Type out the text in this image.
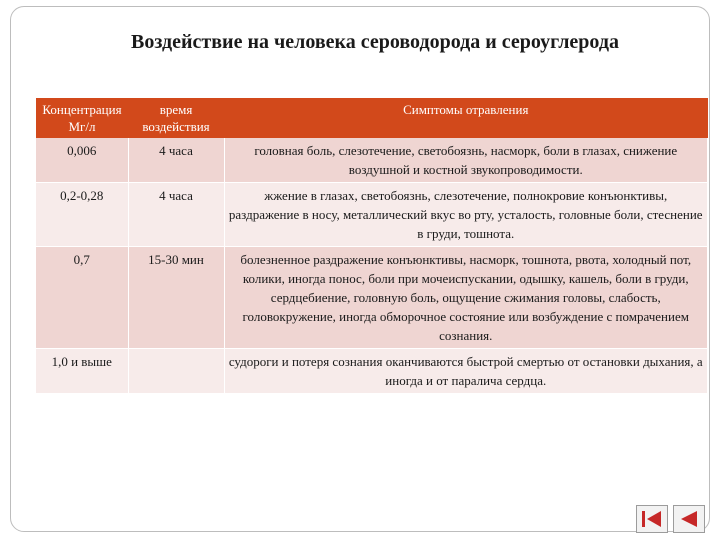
Воздействие на человека сероводорода и сероуглерода
Концентрация Мг/л	время воздействия	Симптомы отравления
0,006	4 часа	головная боль, слезотечение, светобоязнь, насморк, боли в глазах, снижение воздушной и костной звукопроводимости.
0,2-0,28	4 часа	жжение в глазах, светобоязнь, слезотечение, полнокровие конъюнктивы, раздражение в носу, металлический вкус во рту, усталость, головные боли, стеснение в груди, тошнота.
0,7	15-30 мин	болезненное раздражение конъюнктивы, насморк, тошнота, рвота, холодный пот, колики, иногда понос, боли при мочеиспускании, одышку, кашель, боли в груди, сердцебиение, головную боль, ощущение сжимания головы, слабость, головокружение, иногда обморочное состояние или возбуждение с помрачением сознания.
1,0 и выше		судороги и потеря сознания оканчиваются быстрой смертью от остановки дыхания, а иногда и от паралича сердца.
